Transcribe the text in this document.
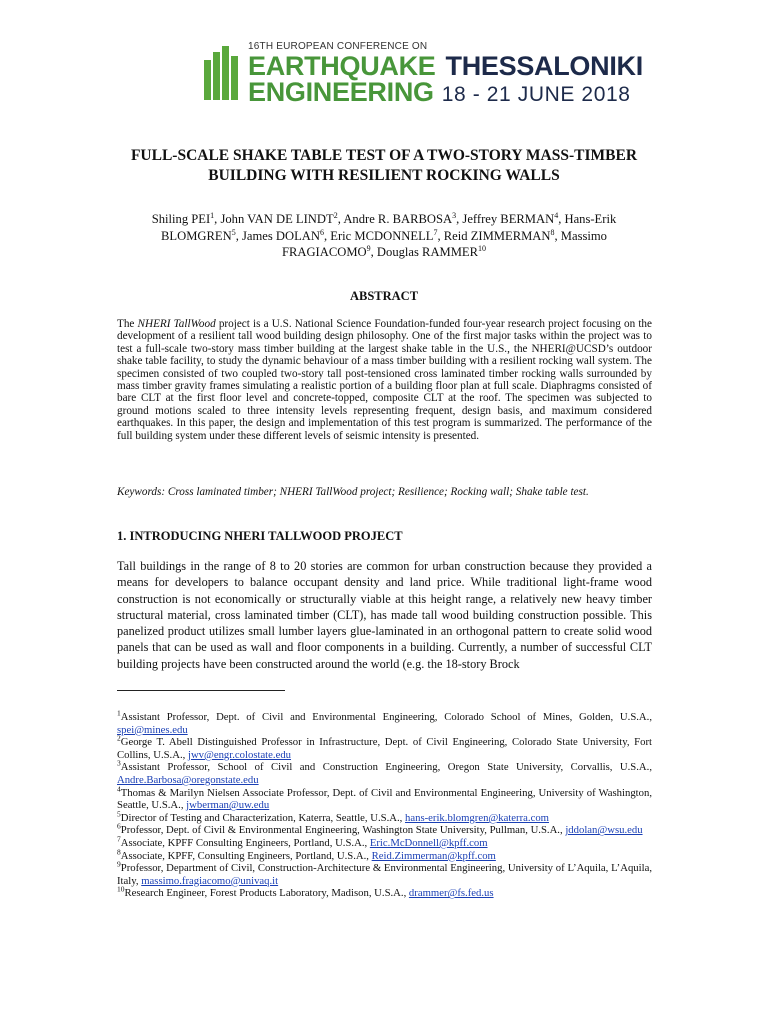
16TH EUROPEAN CONFERENCE ON
EARTHQUAKE THESSALONIKI
ENGINEERING 18 - 21 JUNE 2018
FULL-SCALE SHAKE TABLE TEST OF A TWO-STORY MASS-TIMBER BUILDING WITH RESILIENT ROCKING WALLS
Shiling PEI$^1$, John VAN DE LINDT$^2$, Andre R. BARBOSA$^3$, Jeffrey BERMAN$^4$, Hans-Erik BLOMGREN$^5$, James DOLAN$^6$, Eric MCDONNELL$^7$, Reid ZIMMERMAN$^8$, Massimo FRAGIACOMO$^9$, Douglas RAMMER$^{10}$
ABSTRACT
The NHERI TallWood project is a U.S. National Science Foundation-funded four-year research project focusing on the development of a resilient tall wood building design philosophy. One of the first major tasks within the project was to test a full-scale two-story mass timber building at the largest shake table in the U.S., the NHERI@UCSD’s outdoor shake table facility, to study the dynamic behaviour of a mass timber building with a resilient rocking wall system. The specimen consisted of two coupled two-story tall post-tensioned cross laminated timber rocking walls surrounded by mass timber gravity frames simulating a realistic portion of a building floor plan at full scale. Diaphragms consisted of bare CLT at the first floor level and concrete-topped, composite CLT at the roof. The specimen was subjected to ground motions scaled to three intensity levels representing frequent, design basis, and maximum considered earthquakes. In this paper, the design and implementation of this test program is summarized. The performance of the full building system under these different levels of seismic intensity is presented.
Keywords: Cross laminated timber; NHERI TallWood project; Resilience; Rocking wall; Shake table test.
1. INTRODUCING NHERI TALLWOOD PROJECT
Tall buildings in the range of 8 to 20 stories are common for urban construction because they provided a means for developers to balance occupant density and land price. While traditional light-frame wood construction is not economically or structurally viable at this height range, a relatively new heavy timber structural material, cross laminated timber (CLT), has made tall wood building construction possible. This panelized product utilizes small lumber layers glue-laminated in an orthogonal pattern to create solid wood panels that can be used as wall and floor components in a building. Currently, a number of successful CLT building projects have been constructed around the world (e.g. the 18-story Brock
$^1$Assistant Professor, Dept. of Civil and Environmental Engineering, Colorado School of Mines, Golden, U.S.A., spei@mines.edu
$^2$George T. Abell Distinguished Professor in Infrastructure, Dept. of Civil Engineering, Colorado State University, Fort Collins, U.S.A., jwv@engr.colostate.edu
$^3$Assistant Professor, School of Civil and Construction Engineering, Oregon State University, Corvallis, U.S.A., Andre.Barbosa@oregonstate.edu
$^4$Thomas & Marilyn Nielsen Associate Professor, Dept. of Civil and Environmental Engineering, University of Washington, Seattle, U.S.A., jwberman@uw.edu
$^5$Director of Testing and Characterization, Katerra, Seattle, U.S.A., hans-erik.blomgren@katerra.com
$^6$Professor, Dept. of Civil & Environmental Engineering, Washington State University, Pullman, U.S.A., jddolan@wsu.edu
$^7$Associate, KPFF Consulting Engineers, Portland, U.S.A., Eric.McDonnell@kpff.com
$^8$Associate, KPFF, Consulting Engineers, Portland, U.S.A., Reid.Zimmerman@kpff.com
$^9$Professor, Department of Civil, Construction-Architecture & Environmental Engineering, University of L’Aquila, L’Aquila, Italy, massimo.fragiacomo@univaq.it
$^{10}$Research Engineer, Forest Products Laboratory, Madison, U.S.A., drammer@fs.fed.us
